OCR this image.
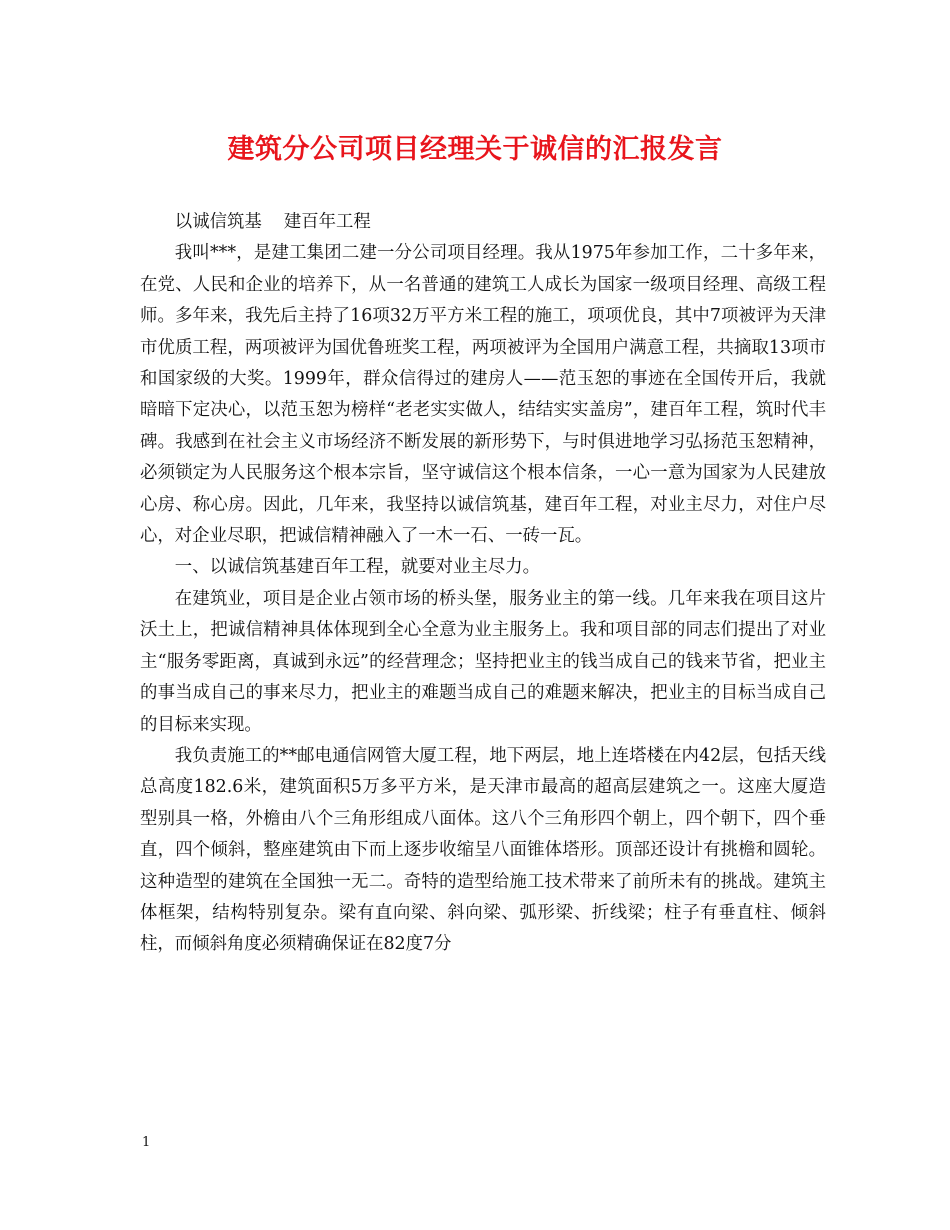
建筑分公司项目经理关于诚信的汇报发言

以诚信筑基    建百年工程

我叫***，是建工集团二建一分公司项目经理。我从1975年参加工作，二十多年来，在党、人民和企业的培养下，从一名普通的建筑工人成长为国家一级项目经理、高级工程师。多年来，我先后主持了16项32万平方米工程的施工，项项优良，其中7项被评为天津市优质工程，两项被评为国优鲁班奖工程，两项被评为全国用户满意工程，共摘取13项市和国家级的大奖。1999年，群众信得过的建房人——范玉恕的事迹在全国传开后，我就暗暗下定决心，以范玉恕为榜样“老老实实做人，结结实实盖房”，建百年工程，筑时代丰碑。我感到在社会主义市场经济不断发展的新形势下，与时俱进地学习弘扬范玉恕精神，必须锁定为人民服务这个根本宗旨，坚守诚信这个根本信条，一心一意为国家为人民建放心房、称心房。因此，几年来，我坚持以诚信筑基，建百年工程，对业主尽力，对住户尽心，对企业尽职，把诚信精神融入了一木一石、一砖一瓦。

一、以诚信筑基建百年工程，就要对业主尽力。

在建筑业，项目是企业占领市场的桥头堡，服务业主的第一线。几年来我在项目这片沃土上，把诚信精神具体体现到全心全意为业主服务上。我和项目部的同志们提出了对业主“服务零距离，真诚到永远”的经营理念；坚持把业主的钱当成自己的钱来节省，把业主的事当成自己的事来尽力，把业主的难题当成自己的难题来解决，把业主的目标当成自己的目标来实现。

我负责施工的**邮电通信网管大厦工程，地下两层，地上连塔楼在内42层，包括天线总高度182.6米，建筑面积5万多平方米，是天津市最高的超高层建筑之一。这座大厦造型别具一格，外檐由八个三角形组成八面体。这八个三角形四个朝上，四个朝下，四个垂直，四个倾斜，整座建筑由下而上逐步收缩呈八面锥体塔形。顶部还设计有挑檐和圆轮。这种造型的建筑在全国独一无二。奇特的造型给施工技术带来了前所未有的挑战。建筑主体框架，结构特别复杂。梁有直向梁、斜向梁、弧形梁、折线梁；柱子有垂直柱、倾斜柱，而倾斜角度必须精确保证在82度7分

1
